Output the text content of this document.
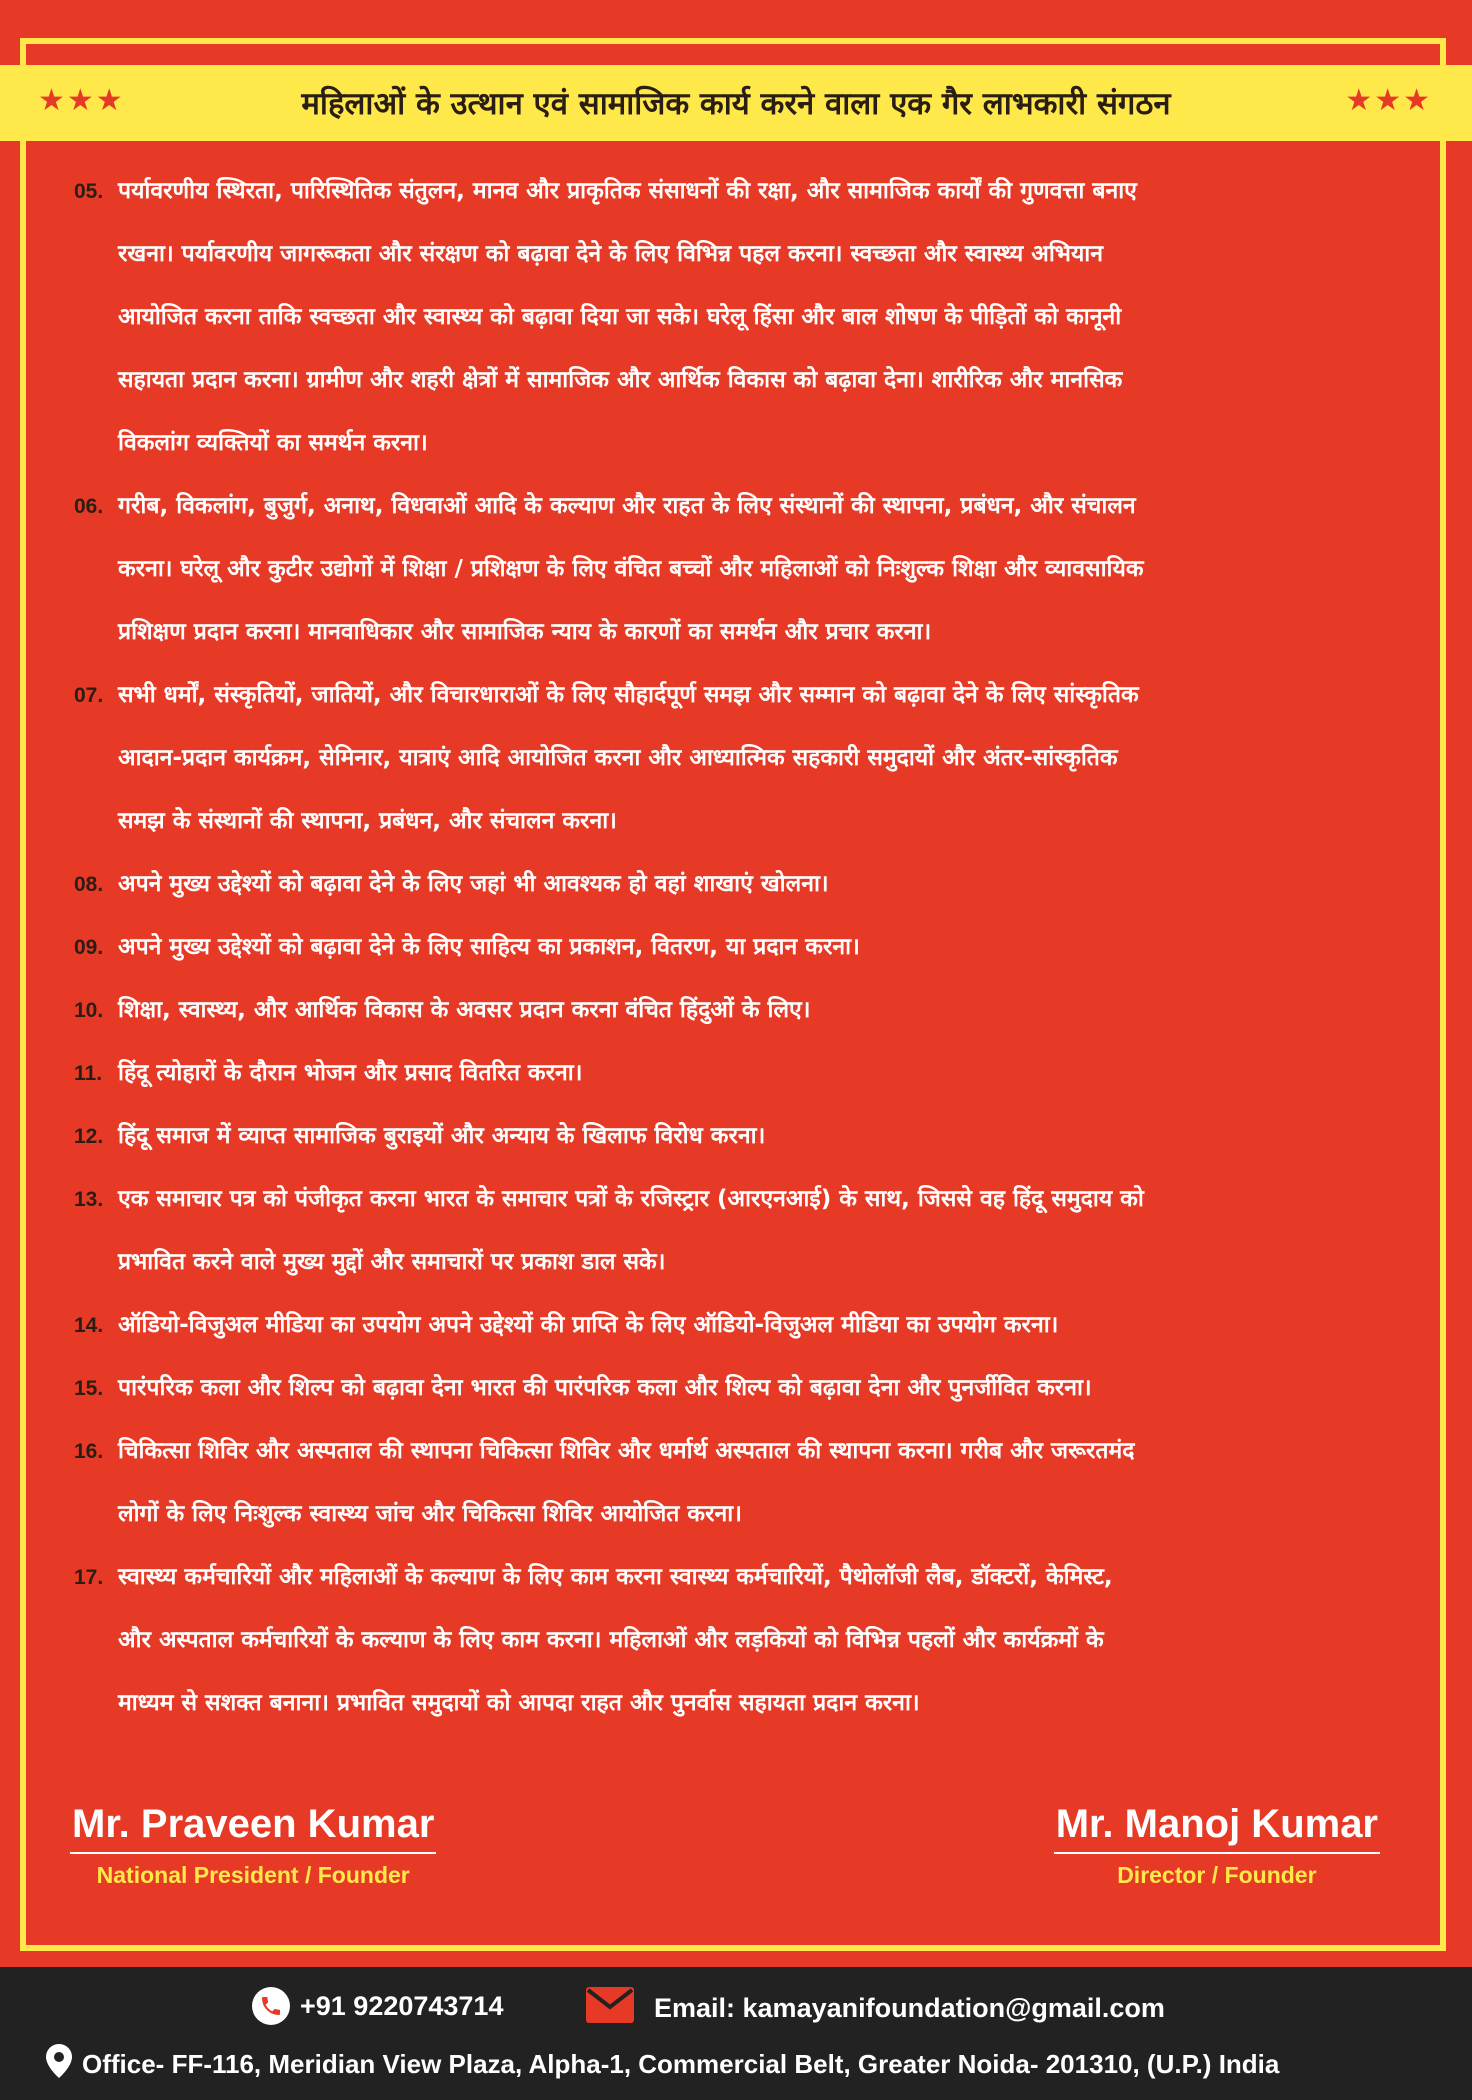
★★★	महिलाओं के उत्थान एवं सामाजिक कार्य करने वाला एक गैर लाभकारी संगठन	★★★
05. पर्यावरणीय स्थिरता, पारिस्थितिक संतुलन, मानव और प्राकृतिक संसाधनों की रक्षा, और सामाजिक कार्यों की गुणवत्ता बनाए
रखना। पर्यावरणीय जागरूकता और संरक्षण को बढ़ावा देने के लिए विभिन्न पहल करना। स्वच्छता और स्वास्थ्य अभियान
आयोजित करना ताकि स्वच्छता और स्वास्थ्य को बढ़ावा दिया जा सके। घरेलू हिंसा और बाल शोषण के पीड़ितों को कानूनी
सहायता प्रदान करना। ग्रामीण और शहरी क्षेत्रों में सामाजिक और आर्थिक विकास को बढ़ावा देना। शारीरिक और मानसिक
विकलांग व्यक्तियों का समर्थन करना।
06. गरीब, विकलांग, बुजुर्ग, अनाथ, विधवाओं आदि के कल्याण और राहत के लिए संस्थानों की स्थापना, प्रबंधन, और संचालन
करना। घरेलू और कुटीर उद्योगों में शिक्षा / प्रशिक्षण के लिए वंचित बच्चों और महिलाओं को निःशुल्क शिक्षा और व्यावसायिक
प्रशिक्षण प्रदान करना। मानवाधिकार और सामाजिक न्याय के कारणों का समर्थन और प्रचार करना।
07. सभी धर्मों, संस्कृतियों, जातियों, और विचारधाराओं के लिए सौहार्दपूर्ण समझ और सम्मान को बढ़ावा देने के लिए सांस्कृतिक
आदान-प्रदान कार्यक्रम, सेमिनार, यात्राएं आदि आयोजित करना और आध्यात्मिक सहकारी समुदायों और अंतर-सांस्कृतिक
समझ के संस्थानों की स्थापना, प्रबंधन, और संचालन करना।
08. अपने मुख्य उद्देश्यों को बढ़ावा देने के लिए जहां भी आवश्यक हो वहां शाखाएं खोलना।
09. अपने मुख्य उद्देश्यों को बढ़ावा देने के लिए साहित्य का प्रकाशन, वितरण, या प्रदान करना।
10. शिक्षा, स्वास्थ्य, और आर्थिक विकास के अवसर प्रदान करना वंचित हिंदुओं के लिए।
11. हिंदू त्योहारों के दौरान भोजन और प्रसाद वितरित करना।
12. हिंदू समाज में व्याप्त सामाजिक बुराइयों और अन्याय के खिलाफ विरोध करना।
13. एक समाचार पत्र को पंजीकृत करना भारत के समाचार पत्रों के रजिस्ट्रार (आरएनआई) के साथ, जिससे वह हिंदू समुदाय को
प्रभावित करने वाले मुख्य मुद्दों और समाचारों पर प्रकाश डाल सके।
14. ऑडियो-विजुअल मीडिया का उपयोग अपने उद्देश्यों की प्राप्ति के लिए ऑडियो-विजुअल मीडिया का उपयोग करना।
15. पारंपरिक कला और शिल्प को बढ़ावा देना भारत की पारंपरिक कला और शिल्प को बढ़ावा देना और पुनर्जीवित करना।
16. चिकित्सा शिविर और अस्पताल की स्थापना चिकित्सा शिविर और धर्मार्थ अस्पताल की स्थापना करना। गरीब और जरूरतमंद
लोगों के लिए निःशुल्क स्वास्थ्य जांच और चिकित्सा शिविर आयोजित करना।
17. स्वास्थ्य कर्मचारियों और महिलाओं के कल्याण के लिए काम करना स्वास्थ्य कर्मचारियों, पैथोलॉजी लैब, डॉक्टरों, केमिस्ट,
और अस्पताल कर्मचारियों के कल्याण के लिए काम करना। महिलाओं और लड़कियों को विभिन्न पहलों और कार्यक्रमों के
माध्यम से सशक्त बनाना। प्रभावित समुदायों को आपदा राहत और पुनर्वास सहायता प्रदान करना।
Mr. Praveen Kumar
National President / Founder
Mr. Manoj Kumar
Director / Founder
+91 9220743714	Email: kamayanifoundation@gmail.com
Office- FF-116, Meridian View Plaza, Alpha-1, Commercial Belt, Greater Noida- 201310, (U.P.) India
